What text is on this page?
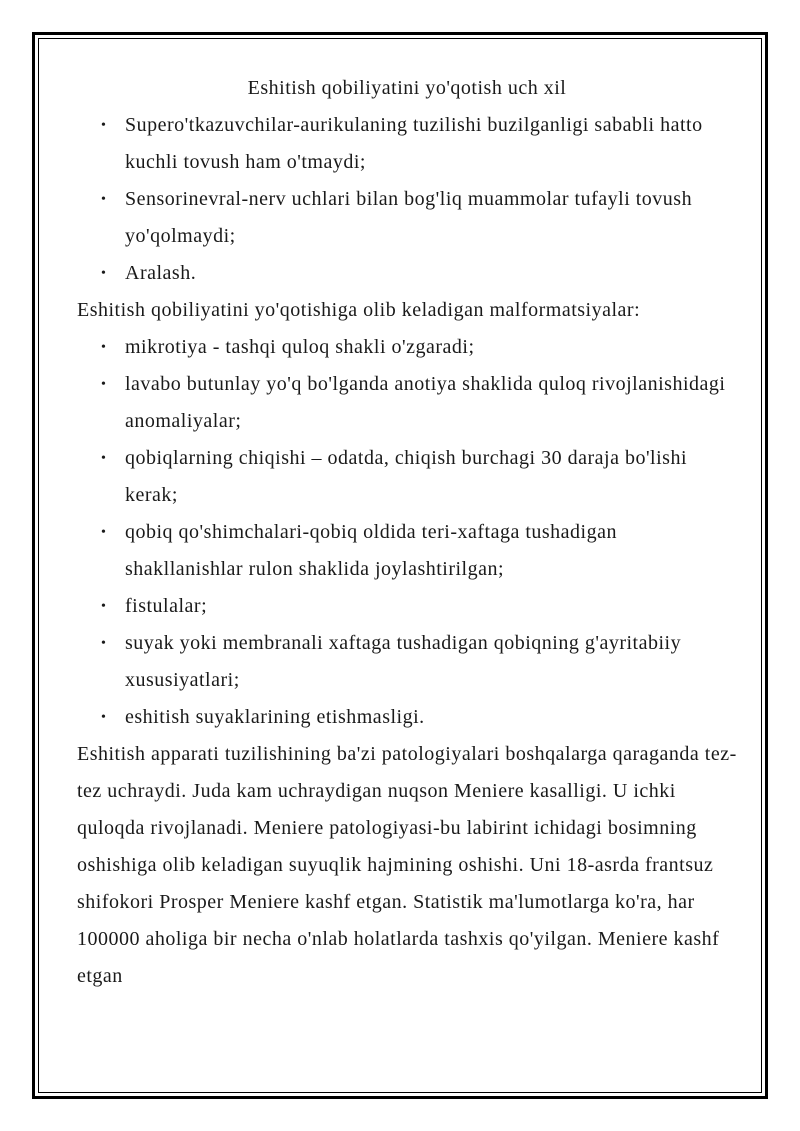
Eshitish qobiliyatini yo'qotish uch xil
• Supero'tkazuvchilar-aurikulaning tuzilishi buzilganligi sababli hatto kuchli tovush ham o'tmaydi;
• Sensorinevral-nerv uchlari bilan bog'liq muammolar tufayli tovush yo'qolmaydi;
• Aralash.

Eshitish qobiliyatini yo'qotishiga olib keladigan malformatsiyalar:

• mikrotiya - tashqi quloq shakli o'zgaradi;
• lavabo butunlay yo'q bo'lganda anotiya shaklida quloq rivojlanishidagi anomaliyalar;
• qobiqlarning chiqishi – odatda, chiqish burchagi 30 daraja bo'lishi kerak;
• qobiq qo'shimchalari-qobiq oldida teri-xaftaga tushadigan shakllanishlar rulon shaklida joylashtirilgan;
• fistulalar;
• suyak yoki membranali xaftaga tushadigan qobiqning g'ayritabiiy xususiyatlari;
• eshitish suyaklarining etishmasligi.

Eshitish apparati tuzilishining ba'zi patologiyalari boshqalarga qaraganda tez-tez uchraydi. Juda kam uchraydigan nuqson Meniere kasalligi. U ichki quloqda rivojlanadi. Meniere patologiyasi-bu labirint ichidagi bosimning oshishiga olib keladigan suyuqlik hajmining oshishi. Uni 18-asrda frantsuz shifokori Prosper Meniere kashf etgan. Statistik ma'lumotlarga ko'ra, har 100000 aholiga bir necha o'nlab holatlarda tashxis qo'yilgan. Meniere kashf etgan
